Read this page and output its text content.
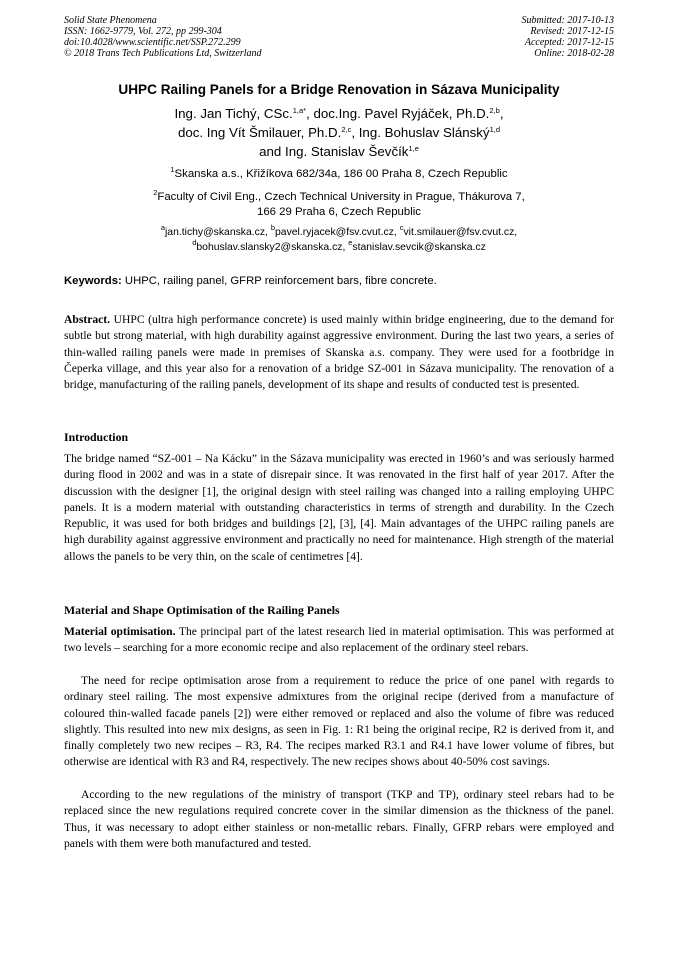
Solid State Phenomena
ISSN: 1662-9779, Vol. 272, pp 299-304
doi:10.4028/www.scientific.net/SSP.272.299
© 2018 Trans Tech Publications Ltd, Switzerland
Submitted: 2017-10-13
Revised: 2017-12-15
Accepted: 2017-12-15
Online: 2018-02-28
UHPC Railing Panels for a Bridge Renovation in Sázava Municipality
Ing. Jan Tichý, CSc.$^{1,a*}$, doc.Ing. Pavel Ryjáček, Ph.D.$^{2,b}$,
doc. Ing Vít Šmilauer, Ph.D.$^{2,c}$, Ing. Bohuslav Slánský$^{1,d}$
and Ing. Stanislav Ševčík$^{1,e}$
$^1$Skanska a.s., Křižíkova 682/34a, 186 00 Praha 8, Czech Republic
$^2$Faculty of Civil Eng., Czech Technical University in Prague, Thákurova 7,
166 29 Praha 6, Czech Republic
$^a$jan.tichy@skanska.cz, $^b$pavel.ryjacek@fsv.cvut.cz, $^c$vit.smilauer@fsv.cvut.cz,
$^d$bohuslav.slansky2@skanska.cz, $^e$stanislav.sevcik@skanska.cz
Keywords: UHPC, railing panel, GFRP reinforcement bars, fibre concrete.

Abstract. UHPC (ultra high performance concrete) is used mainly within bridge engineering, due to the demand for subtle but strong material, with high durability against aggressive environment. During the last two years, a series of thin-walled railing panels were made in premises of Skanska a.s. company. They were used for a footbridge in Čeperka village, and this year also for a renovation of a bridge SZ-001 in Sázava municipality. The renovation of a bridge, manufacturing of the railing panels, development of its shape and results of conducted test is presented.

Introduction

The bridge named “SZ-001 – Na Kácku” in the Sázava municipality was erected in 1960’s and was seriously harmed during flood in 2002 and was in a state of disrepair since. It was renovated in the first half of year 2017. After the discussion with the designer [1], the original design with steel railing was changed into a railing employing UHPC panels. It is a modern material with outstanding characteristics in terms of strength and durability. In the Czech Republic, it was used for both bridges and buildings [2], [3], [4]. Main advantages of the UHPC railing panels are high durability against aggressive environment and practically no need for maintenance. High strength of the material allows the panels to be very thin, on the scale of centimetres [4].

Material and Shape Optimisation of the Railing Panels

Material optimisation. The principal part of the latest research lied in material optimisation. This was performed at two levels – searching for a more economic recipe and also replacement of the ordinary steel rebars.

The need for recipe optimisation arose from a requirement to reduce the price of one panel with regards to ordinary steel railing. The most expensive admixtures from the original recipe (derived from a manufacture of coloured thin-walled facade panels [2]) were either removed or replaced and also the volume of fibre was reduced slightly. This resulted into new mix designs, as seen in Fig. 1: R1 being the original recipe, R2 is derived from it, and finally completely two new recipes – R3, R4. The recipes marked R3.1 and R4.1 have lower volume of fibres, but otherwise are identical with R3 and R4, respectively. The new recipes shows about 40-50% cost savings.

According to the new regulations of the ministry of transport (TKP and TP), ordinary steel rebars had to be replaced since the new regulations required concrete cover in the similar dimension as the thickness of the panel. Thus, it was necessary to adopt either stainless or non-metallic rebars. Finally, GFRP rebars were employed and panels with them were both manufactured and tested.
